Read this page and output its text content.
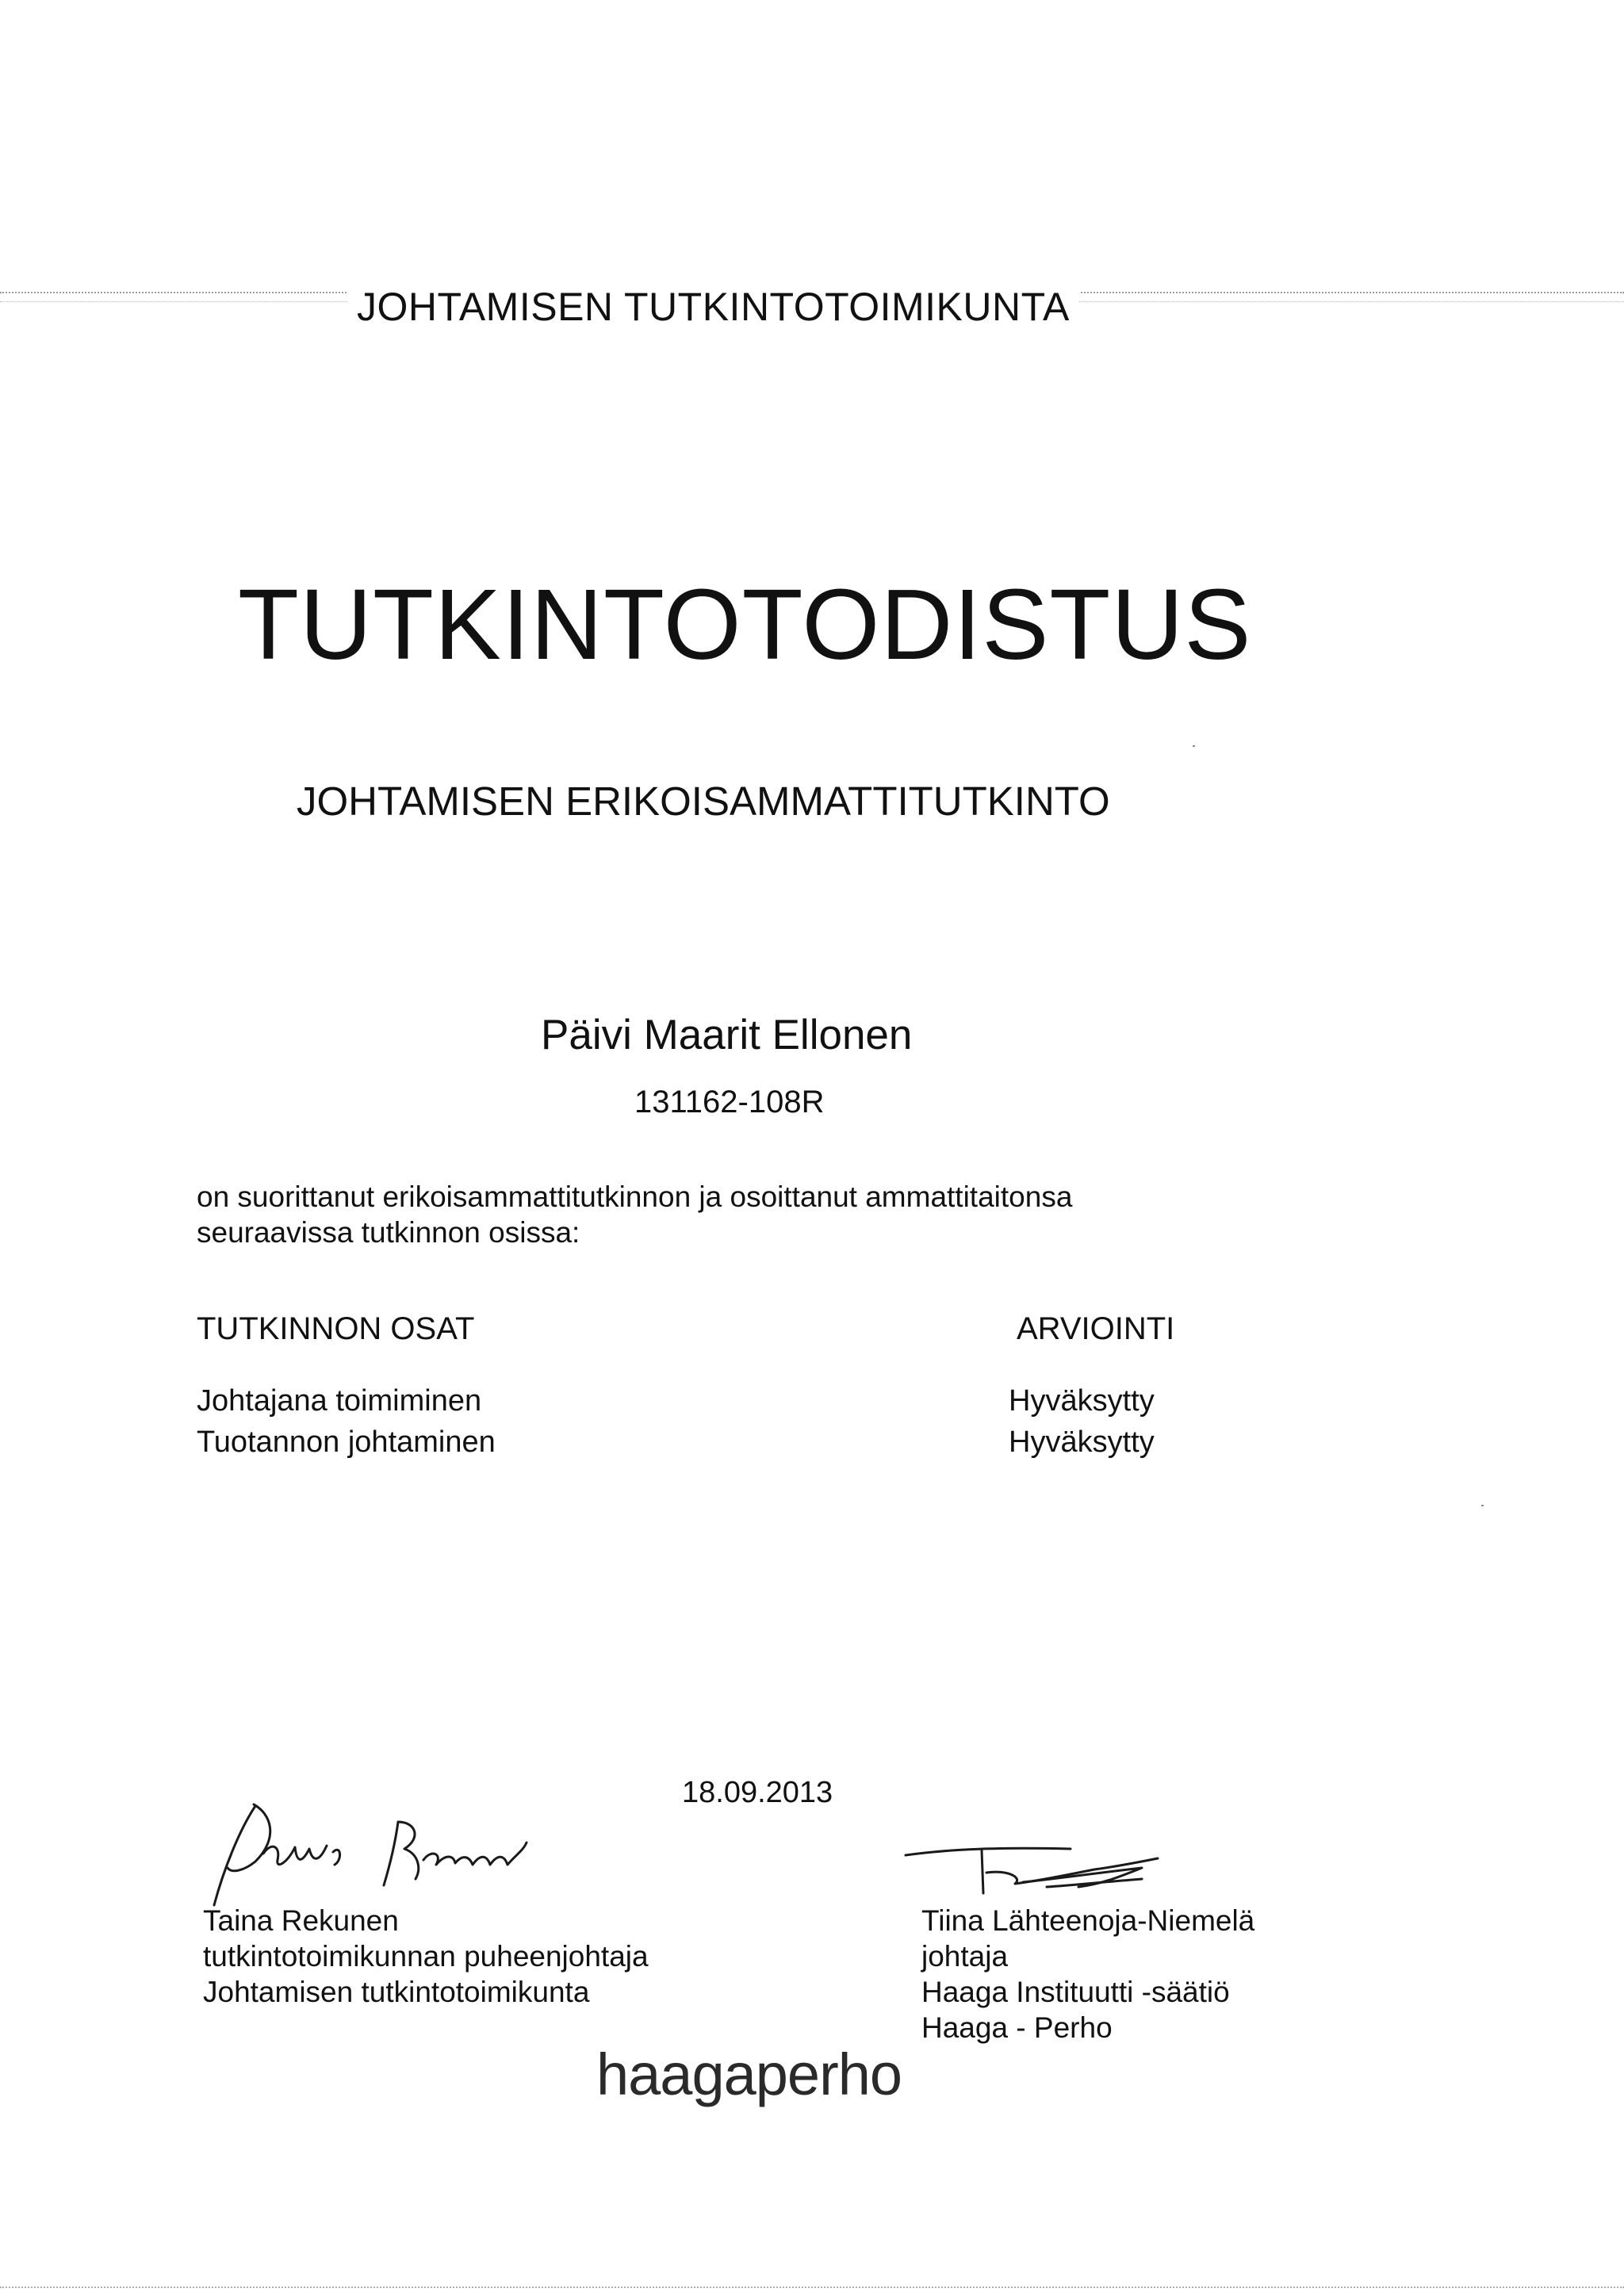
JOHTAMISEN TUTKINTOTOIMIKUNTA
TUTKINTOTODISTUS
JOHTAMISEN ERIKOISAMMATTITUTKINTO
Päivi Maarit Ellonen
131162-108R
on suorittanut erikoisammattitutkinnon ja osoittanut ammattitaitonsa
seuraavissa tutkinnon osissa:
TUTKINNON OSAT	ARVIOINTI
Johtajana toimiminen
Tuotannon johtaminen
Hyväksytty
Hyväksytty
18.09.2013
Taina Rekunen
tutkintotoimikunnan puheenjohtaja
Johtamisen tutkintotoimikunta
Tiina Lähteenoja-Niemelä
johtaja
Haaga Instituutti -säätiö
Haaga - Perho
haagaperho
